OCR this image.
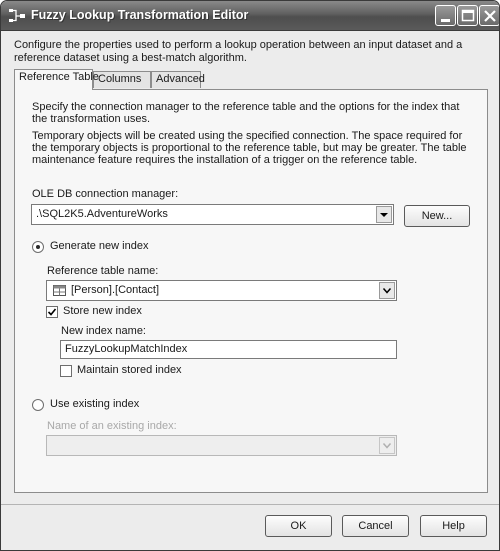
Fuzzy Lookup Transformation Editor
Configure the properties used to perform a lookup operation between an input dataset and a reference dataset using a best-match algorithm.
Reference Table Columns	Advanced
Specify the connection manager to the reference table and the options for the index that the transformation uses.
Temporary objects will be created using the specified connection. The space required for the temporary objects is proportional to the reference table, but may be greater. The table maintenance feature requires the installation of a trigger on the reference table.
OLE DB connection manager:
.\SQL2K5.AdventureWorks	New...
Generate new index
Reference table name:
[Person].[Contact]
Store new index
New index name:
FuzzyLookupMatchIndex
Maintain stored index
Use existing index
Name of an existing index:
OK	Cancel	Help
